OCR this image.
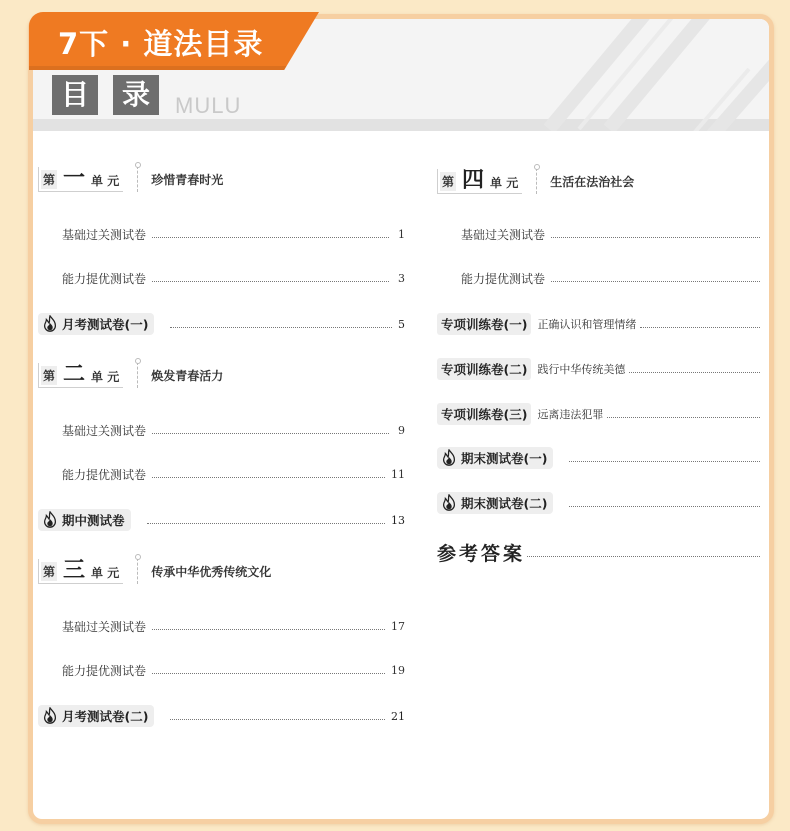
7下 · 道法目录
目	录	MULU
第 一 单 元	珍惜青春时光
基础过关测试卷	1
能力提优测试卷	3
月考测试卷(一)	5
第 二 单 元	焕发青春活力
基础过关测试卷	9
能力提优测试卷	11
期中测试卷	13
第 三 单 元	传承中华优秀传统文化
基础过关测试卷	17
能力提优测试卷	19
月考测试卷(二)	21
第 四 单 元	生活在法治社会
基础过关测试卷
能力提优测试卷
专项训练卷(一) 正确认识和管理情绪
专项训练卷(二) 践行中华传统美德
专项训练卷(三) 远离违法犯罪
期末测试卷(一)
期末测试卷(二)
参考答案
